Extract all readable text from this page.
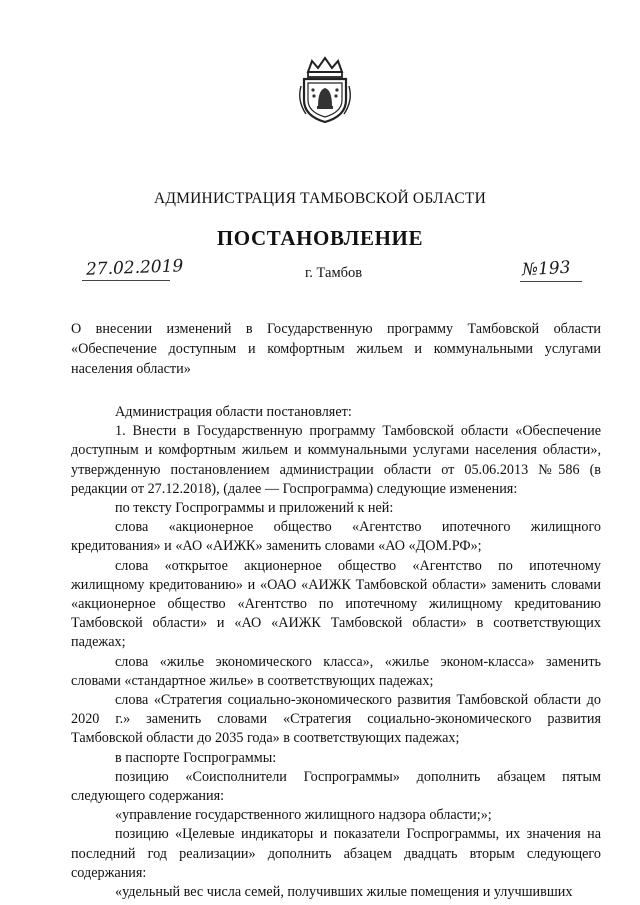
АДМИНИСТРАЦИЯ ТАМБОВСКОЙ ОБЛАСТИ
ПОСТАНОВЛЕНИЕ
27.02.2019	г. Тамбов	№193
О внесении изменений в Государственную программу Тамбовской области «Обеспечение доступным и комфортным жильем и коммунальными услугами населения области»

Администрация области постановляет:

1. Внести в Государственную программу Тамбовской области «Обеспечение доступным и комфортным жильем и коммунальными услугами населения области», утвержденную постановлением администрации области от 05.06.2013 №586 (в редакции от 27.12.2018), (далее — Госпрограмма) следующие изменения:

по тексту Госпрограммы и приложений к ней:

слова «акционерное общество «Агентство ипотечного жилищного кредитования» и «АО «АИЖК» заменить словами «АО «ДОМ.РФ»;

слова «открытое акционерное общество «Агентство по ипотечному жилищному кредитованию» и «ОАО «АИЖК Тамбовской области» заменить словами «акционерное общество «Агентство по ипотечному жилищному кредитованию Тамбовской области» и «АО «АИЖК Тамбовской области» в соответствующих падежах;

слова «жилье экономического класса», «жилье эконом-класса» заменить словами «стандартное жилье» в соответствующих падежах;

слова «Стратегия социально-экономического развития Тамбовской области до 2020 г.» заменить словами «Стратегия социально-экономического развития Тамбовской области до 2035 года» в соответствующих падежах;

в паспорте Госпрограммы:

позицию «Соисполнители Госпрограммы» дополнить абзацем пятым следующего содержания:

«управление государственного жилищного надзора области;»;

позицию «Целевые индикаторы и показатели Госпрограммы, их значения на последний год реализации» дополнить абзацем двадцать вторым следующего содержания:

«удельный вес числа семей, получивших жилые помещения и улучшивших
